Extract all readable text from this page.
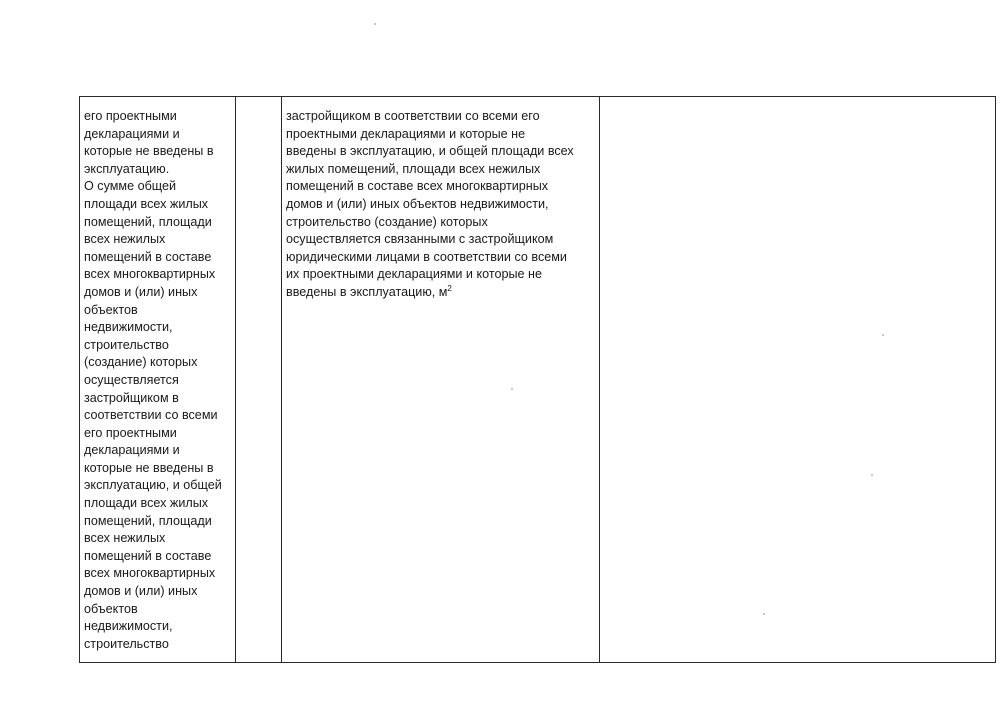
его проектными
декларациями и
которые не введены в
эксплуатацию.
О сумме общей
площади всех жилых
помещений, площади
всех нежилых
помещений в составе
всех многоквартирных
домов и (или) иных
объектов
недвижимости,
строительство
(создание) которых
осуществляется
застройщиком в
соответствии со всеми
его проектными
декларациями и
которые не введены в
эксплуатацию, и общей
площади всех жилых
помещений, площади
всех нежилых
помещений в составе
всех многоквартирных
домов и (или) иных
объектов
недвижимости,
строительство

застройщиком в соответствии со всеми его
проектными декларациями и которые не
введены в эксплуатацию, и общей площади всех
жилых помещений, площади всех нежилых
помещений в составе всех многоквартирных
домов и (или) иных объектов недвижимости,
строительство (создание) которых
осуществляется связанными с застройщиком
юридическими лицами в соответствии со всеми
их проектными декларациями и которые не
введены в эксплуатацию, $м^2$
